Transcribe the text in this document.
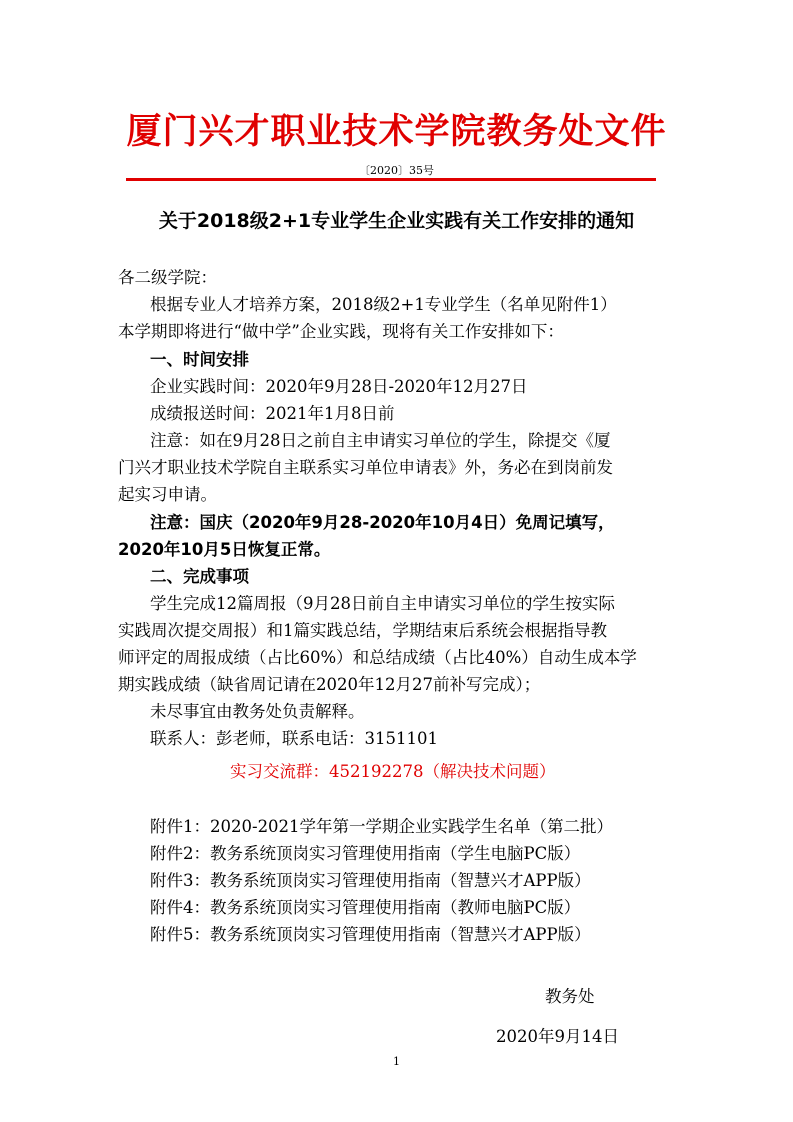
厦门兴才职业技术学院教务处文件
〔2020〕35号
关于2018级2+1专业学生企业实践有关工作安排的通知
各二级学院：
根据专业人才培养方案，2018级2+1专业学生（名单见附件1）
本学期即将进行“做中学”企业实践，现将有关工作安排如下：
一、时间安排
企业实践时间：2020年9月28日-2020年12月27日
成绩报送时间：2021年1月8日前
注意：如在9月28日之前自主申请实习单位的学生，除提交《厦
门兴才职业技术学院自主联系实习单位申请表》外，务必在到岗前发
起实习申请。
注意：国庆（2020年9月28-2020年10月4日）免周记填写，
2020年10月5日恢复正常。
二、完成事项
学生完成12篇周报（9月28日前自主申请实习单位的学生按实际
实践周次提交周报）和1篇实践总结，学期结束后系统会根据指导教
师评定的周报成绩（占比60%）和总结成绩（占比40%）自动生成本学
期实践成绩（缺省周记请在2020年12月27前补写完成）；
未尽事宜由教务处负责解释。
联系人：彭老师，联系电话：3151101
实习交流群：452192278（解决技术问题）
附件1：2020-2021学年第一学期企业实践学生名单（第二批）
附件2：教务系统顶岗实习管理使用指南（学生电脑PC版）
附件3：教务系统顶岗实习管理使用指南（智慧兴才APP版）
附件4：教务系统顶岗实习管理使用指南（教师电脑PC版）
附件5：教务系统顶岗实习管理使用指南（智慧兴才APP版）
教务处
2020年9月14日
1
